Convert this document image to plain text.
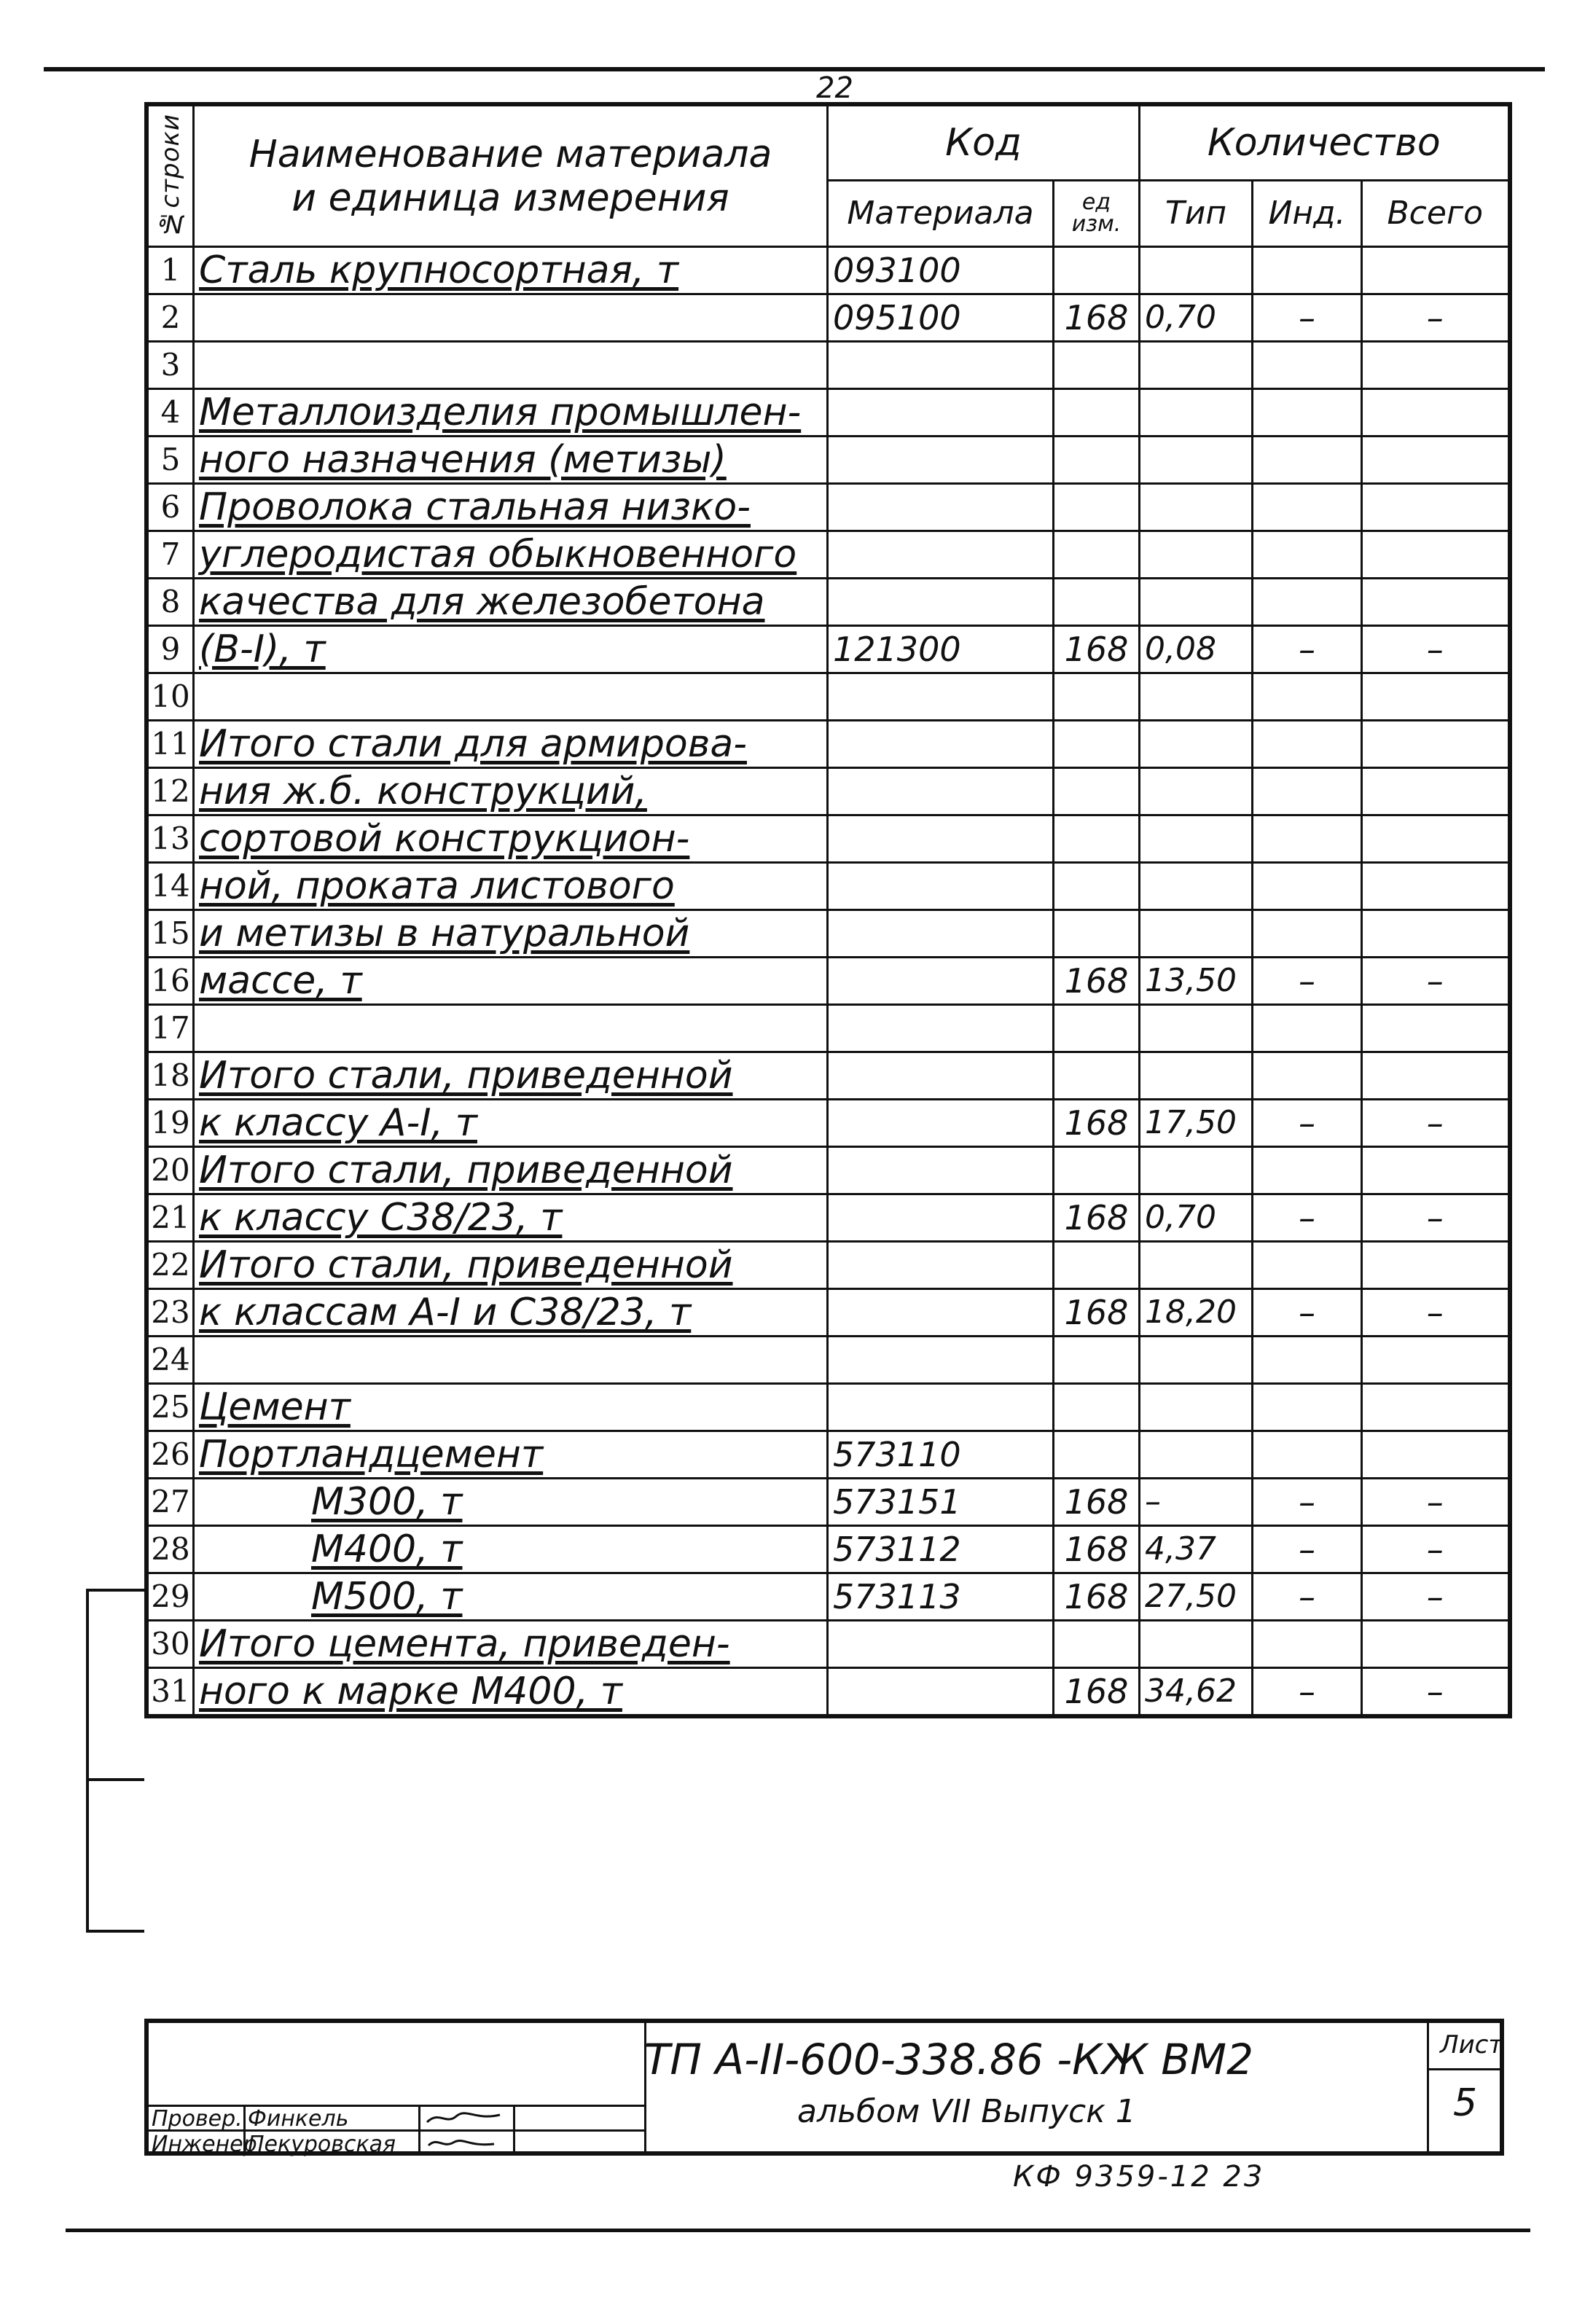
22
№строки	Наименование материала
и единица измерения	Код		Количество		
		Материала	ед изм.	Тип	Инд.	Всего
1	Сталь крупносортная, т	093100				
2		095100	168	0,70	–	–
3						
4	Металлоизделия промышлен-					
5	ного назначения (метизы)					
6	Проволока стальная низко-					
7	углеродистая обыкновенного					
8	качества для железобетона					
9	(В-I), т	121300	168	0,08	–	–
10						
11	Итого стали для армирова-					
12	ния ж.б. конструкций,					
13	сортовой конструкцион-					
14	ной, проката листового					
15	и метизы в натуральной					
16	массе, т		168	13,50	–	–
17						
18	Итого стали, приведенной					
19	к классу А-I, т		168	17,50	–	–
20	Итого стали, приведенной					
21	к классу С38/23, т		168	0,70	–	–
22	Итого стали, приведенной					
23	к классам А-I и С38/23, т		168	18,20	–	–
24						
25	Цемент					
26	Портландцемент	573110				
27	М300, т	573151	168	–	–	–
28	М400, т	573112	168	4,37	–	–
29	М500, т	573113	168	27,50	–	–
30	Итого цемента, приведен-					
31	ного к марке М400, т		168	34,62	–	–
Провер. Финкель
Инженер
Пекуровская
ТП А-II-600-338.86 -КЖ ВМ2
альбом VII Выпуск 1
Лист
5
КФ 9359-12 23
